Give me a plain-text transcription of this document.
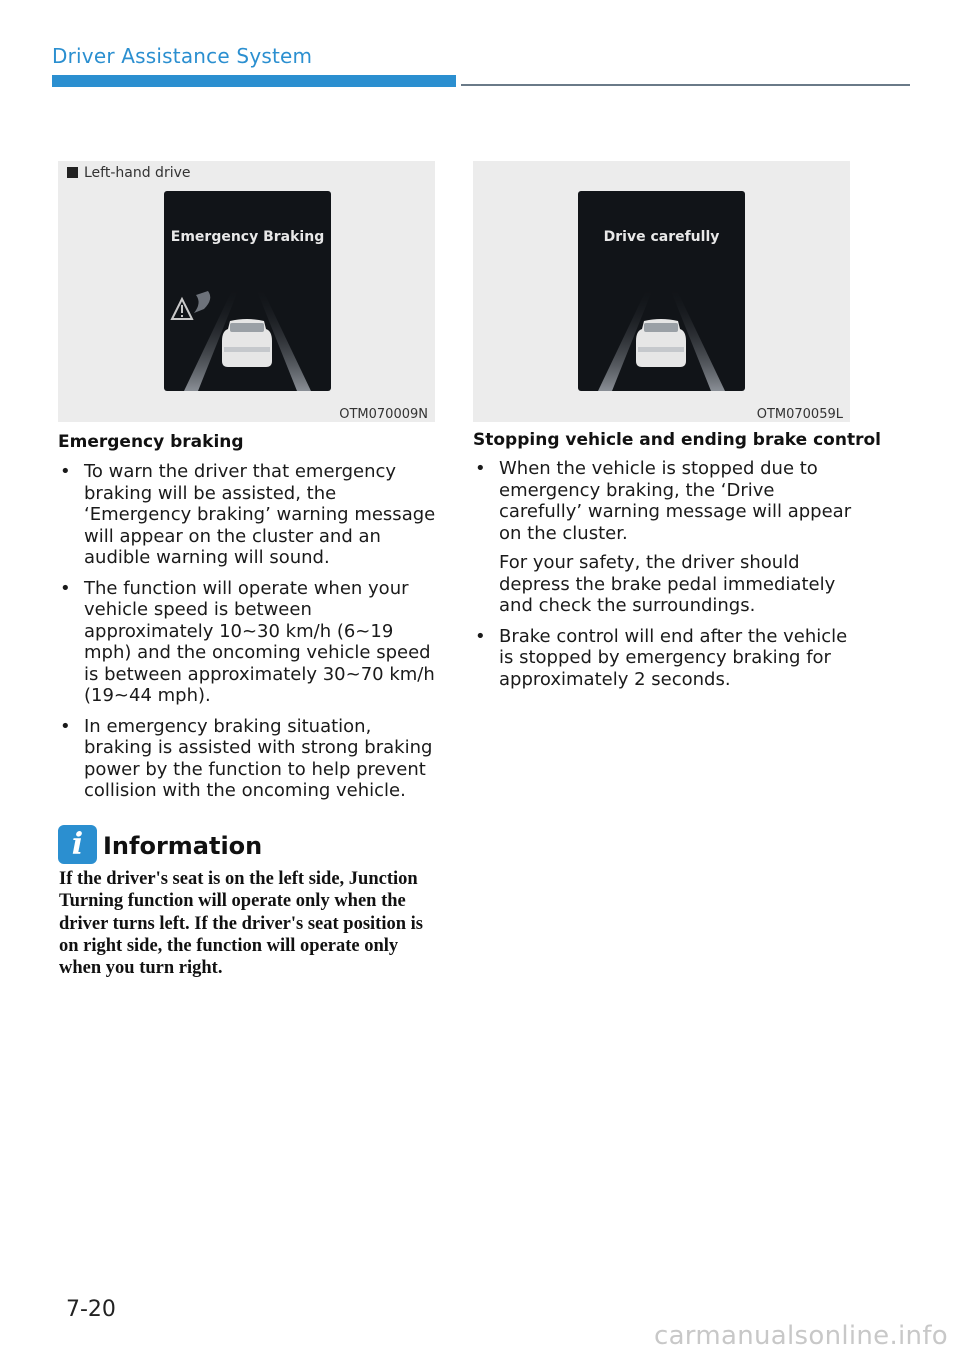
Driver Assistance System
Left-hand drive
Emergency Braking
OTM070009N
Drive carefully
OTM070059L
Emergency braking
• To warn the driver that emergency braking will be assisted, the ‘Emergency braking’ warning message will appear on the cluster and an audible warning will sound.
• The function will operate when your vehicle speed is between approximately 10~30 km/h (6~19 mph) and the oncoming vehicle speed is between approximately 30~70 km/h (19~44 mph).
• In emergency braking situation, braking is assisted with strong braking power by the function to help prevent collision with the oncoming vehicle.
Stopping vehicle and ending brake control
• When the vehicle is stopped due to emergency braking, the ‘Drive carefully’ warning message will appear on the cluster.
For your safety, the driver should depress the brake pedal immediately and check the surroundings.
• Brake control will end after the vehicle is stopped by emergency braking for approximately 2 seconds.
i Information
If the driver's seat is on the left side, Junction Turning function will operate only when the driver turns left. If the driver's seat position is on right side, the function will operate only when you turn right.
7-20
carmanualsonline.info
